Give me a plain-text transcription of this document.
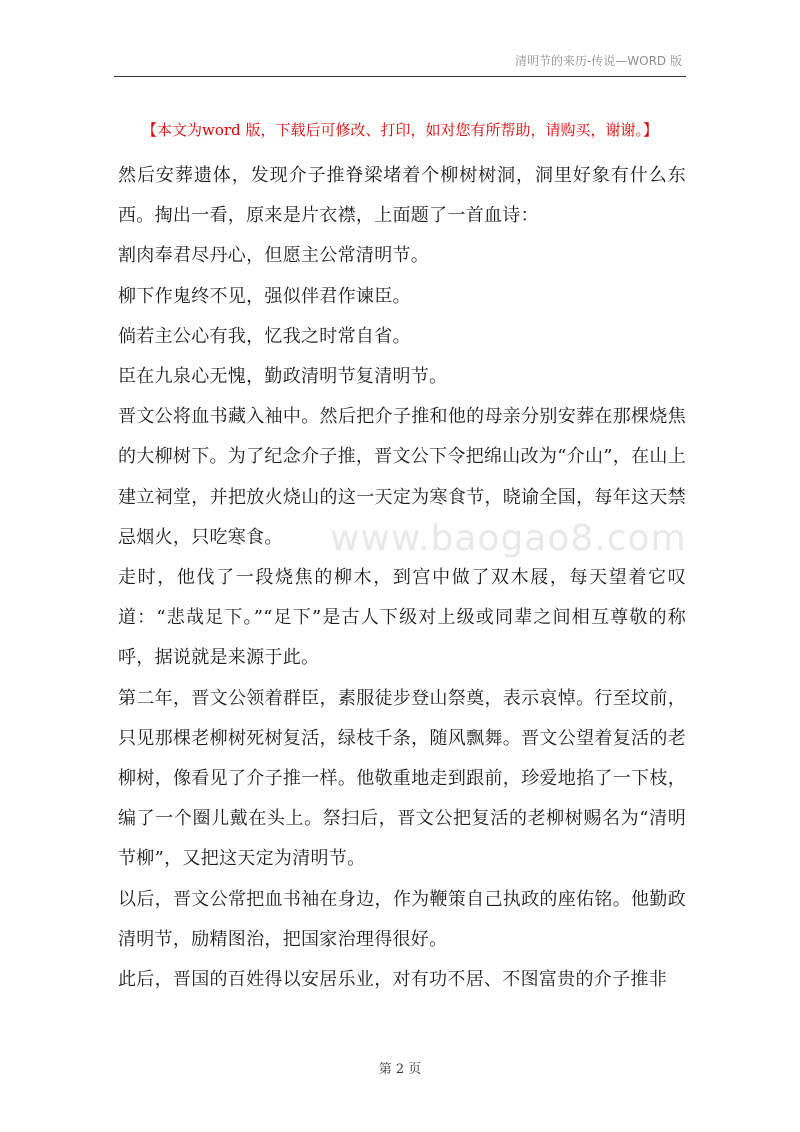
清明节的来历-传说—WORD 版
【本文为word 版，下载后可修改、打印，如对您有所帮助，请购买，谢谢。】

然后安葬遗体，发现介子推脊梁堵着个柳树树洞，洞里好象有什么东西。掏出一看，原来是片衣襟，上面题了一首血诗：

割肉奉君尽丹心，但愿主公常清明节。

柳下作鬼终不见，强似伴君作谏臣。

倘若主公心有我，忆我之时常自省。

臣在九泉心无愧，勤政清明节复清明节。

晋文公将血书藏入袖中。然后把介子推和他的母亲分别安葬在那棵烧焦的大柳树下。为了纪念介子推，晋文公下令把绵山改为“介山”，在山上建立祠堂，并把放火烧山的这一天定为寒食节，晓谕全国，每年这天禁忌烟火，只吃寒食。

走时，他伐了一段烧焦的柳木，到宫中做了双木屐，每天望着它叹道：“悲哉足下。”“足下”是古人下级对上级或同辈之间相互尊敬的称呼，据说就是来源于此。

第二年，晋文公领着群臣，素服徒步登山祭奠，表示哀悼。行至坟前，只见那棵老柳树死树复活，绿枝千条，随风飘舞。晋文公望着复活的老柳树，像看见了介子推一样。他敬重地走到跟前，珍爱地掐了一下枝，编了一个圈儿戴在头上。祭扫后，晋文公把复活的老柳树赐名为“清明节柳”，又把这天定为清明节。

以后，晋文公常把血书袖在身边，作为鞭策自己执政的座佑铭。他勤政清明节，励精图治，把国家治理得很好。

此后，晋国的百姓得以安居乐业，对有功不居、不图富贵的介子推非

www.baogao8.com
第 2 页
